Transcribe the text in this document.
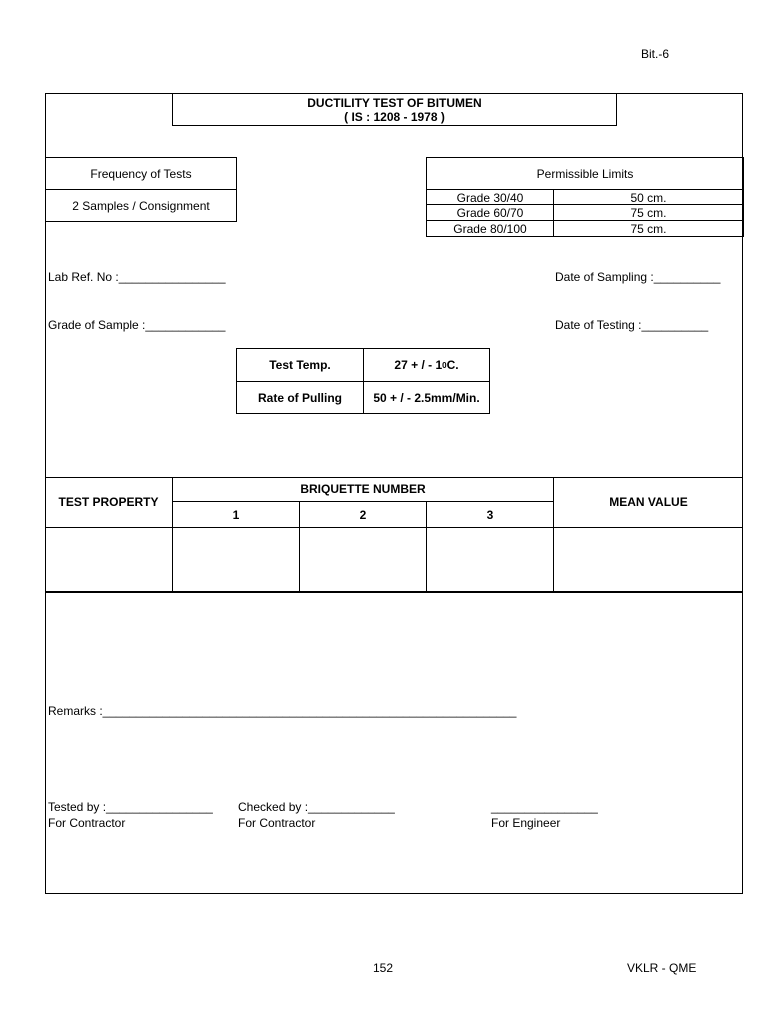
Bit.-6
DUCTILITY TEST OF BITUMEN
( IS : 1208 - 1978 )
Frequency of Tests
2 Samples / Consignment
Permissible Limits
Grade 30/40	50 cm.
Grade 60/70	75 cm.
Grade 80/100	75 cm.
Lab Ref. No :________________
Grade of Sample :____________
Date of Sampling :__________
Date of Testing :__________
Test Temp.	27 + / - 1 0 C.
Rate of Pulling	50 + / - 2.5mm/Min.
TEST PROPERTY
BRIQUETTE NUMBER
1	2	3
MEAN VALUE
Remarks :______________________________________________________________
Tested by :________________
For Contractor
Checked by :_____________
For Contractor
________________
For Engineer
152	VKLR - QME
